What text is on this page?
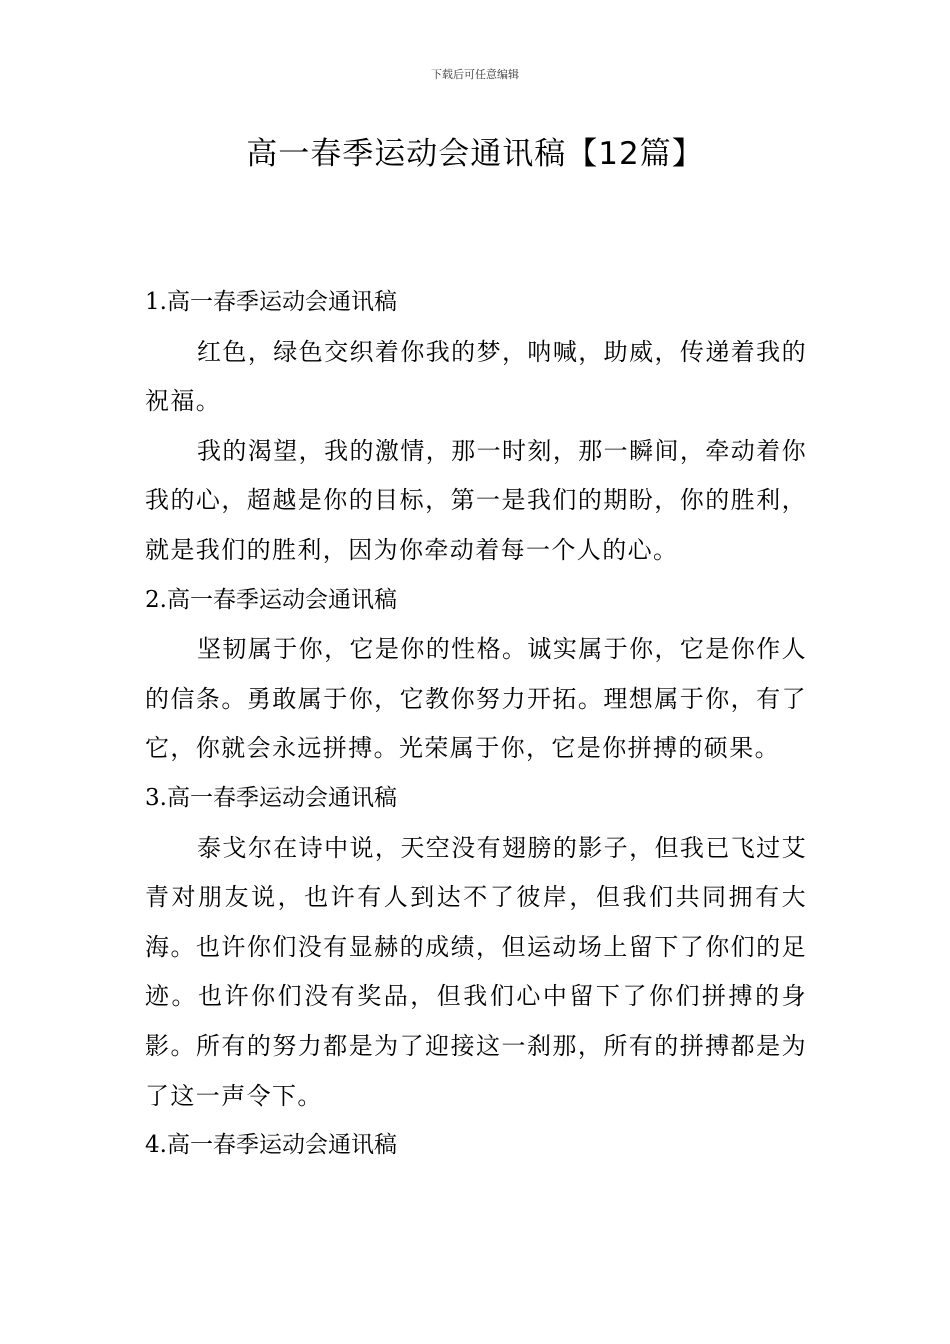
下载后可任意编辑
高一春季运动会通讯稿【12篇】

1.高一春季运动会通讯稿

红色，绿色交织着你我的梦，呐喊，助威，传递着我的祝福。

我的渴望，我的激情，那一时刻，那一瞬间，牵动着你我的心，超越是你的目标，第一是我们的期盼，你的胜利，就是我们的胜利，因为你牵动着每一个人的心。

2.高一春季运动会通讯稿

坚韧属于你，它是你的性格。诚实属于你，它是你作人的信条。勇敢属于你，它教你努力开拓。理想属于你，有了它，你就会永远拼搏。光荣属于你，它是你拼搏的硕果。

3.高一春季运动会通讯稿

泰戈尔在诗中说，天空没有翅膀的影子，但我已飞过艾青对朋友说，也许有人到达不了彼岸，但我们共同拥有大海。也许你们没有显赫的成绩，但运动场上留下了你们的足迹。也许你们没有奖品，但我们心中留下了你们拼搏的身影。所有的努力都是为了迎接这一刹那，所有的拼搏都是为了这一声令下。

4.高一春季运动会通讯稿
